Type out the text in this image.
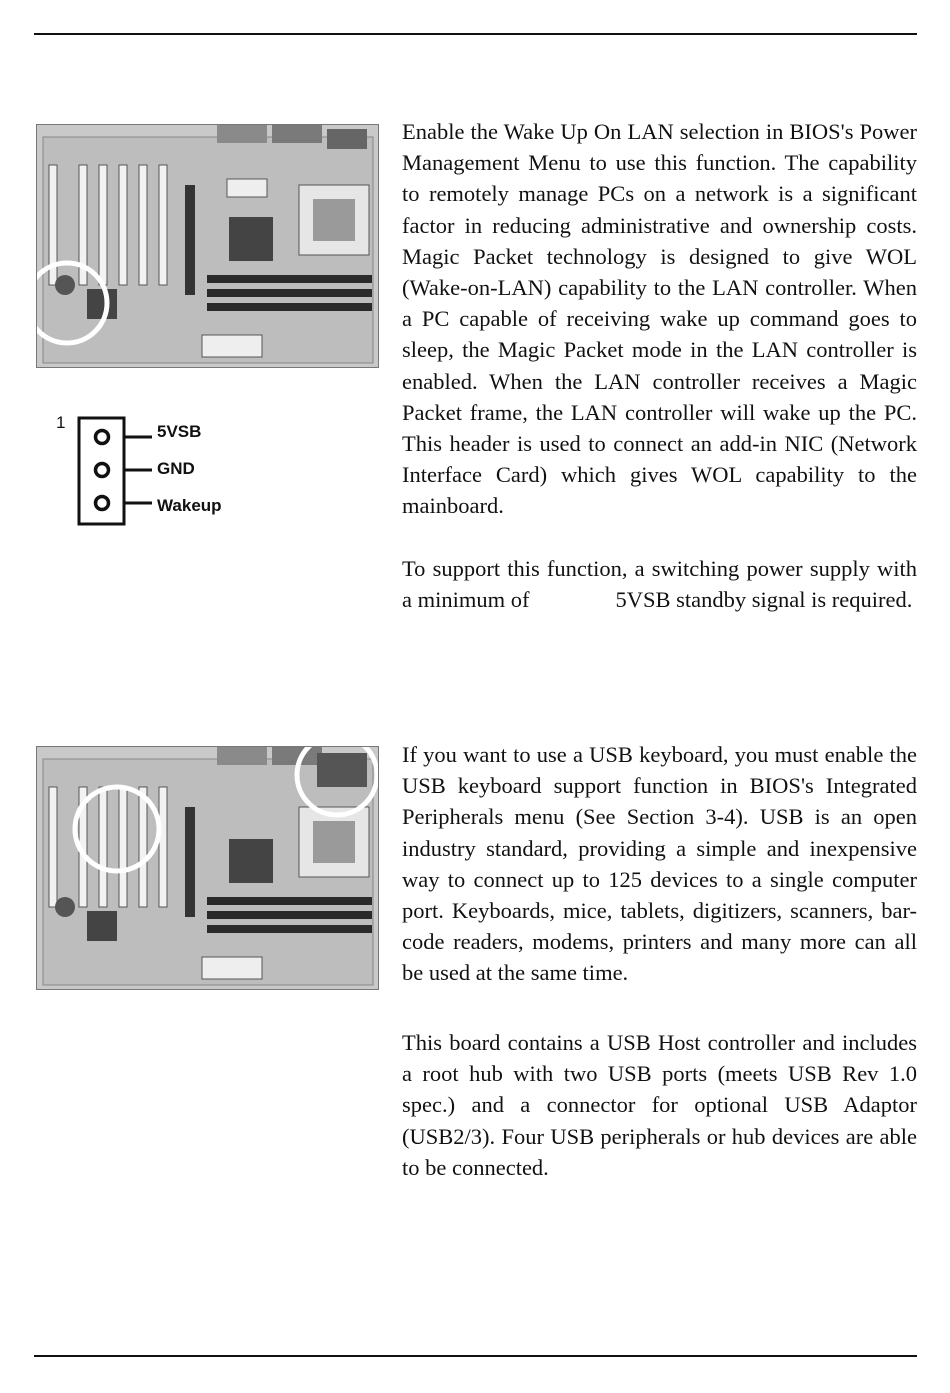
1	5VSB
GND
Wakeup

Enable the Wake Up On LAN selection in BIOS's Power Management Menu to use this function. The capability to remotely manage PCs on a network is a significant factor in reducing administrative and ownership costs. Magic Packet technology is designed to give WOL (Wake-on-LAN) capability to the LAN controller. When a PC capable of receiving wake up command goes to sleep, the Magic Packet mode in the LAN controller is enabled. When the LAN controller receives a Magic Packet frame, the LAN controller will wake up the PC. This header is used to connect an add-in NIC (Network Interface Card) which gives WOL capability to the mainboard.

To support this function, a switching power supply with a minimum of	5VSB standby signal is required.

If you want to use a USB keyboard, you must enable the USB keyboard support function in BIOS's Integrated Peripherals menu (See Section 3-4). USB is an open industry standard, providing a simple and inexpensive way to connect up to 125 devices to a single computer port. Keyboards, mice, tablets, digitizers, scanners, bar-code readers, modems, printers and many more can all be used at the same time.

This board contains a USB Host controller and includes a root hub with two USB ports (meets USB Rev 1.0 spec.) and a connector for optional USB Adaptor (USB2/3). Four USB peripherals or hub devices are able to be connected.
